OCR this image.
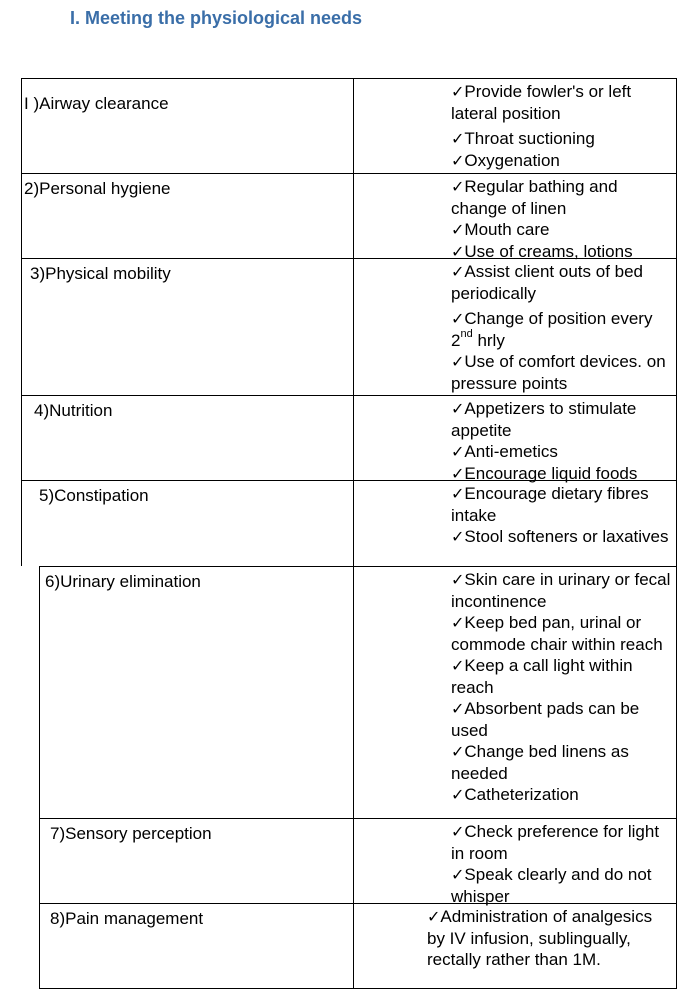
I. Meeting the physiological needs
I )Airway clearance
✓Provide fowler's or left lateral position
✓Throat suctioning
✓Oxygenation
2)Personal hygiene	✓Regular bathing and change of linen
✓Mouth care
✓Use of creams, lotions
3)Physical mobility	✓Assist client outs of bed periodically
✓Change of position every 2nd hrly
✓Use of comfort devices. on pressure points
4)Nutrition	✓Appetizers to stimulate appetite
✓Anti-emetics
✓Encourage liquid foods
5)Constipation	✓Encourage dietary fibres intake
✓Stool softeners or laxatives
6)Urinary elimination	✓Skin care in urinary or fecal incontinence
✓Keep bed pan, urinal or commode chair within reach
✓Keep a call light within reach
✓Absorbent pads can be used
✓Change bed linens as needed
✓Catheterization
7)Sensory perception	✓Check preference for light in room
✓Speak clearly and do not whisper
8)Pain management	✓Administration of analgesics by IV infusion, sublingually, rectally rather than 1M.
